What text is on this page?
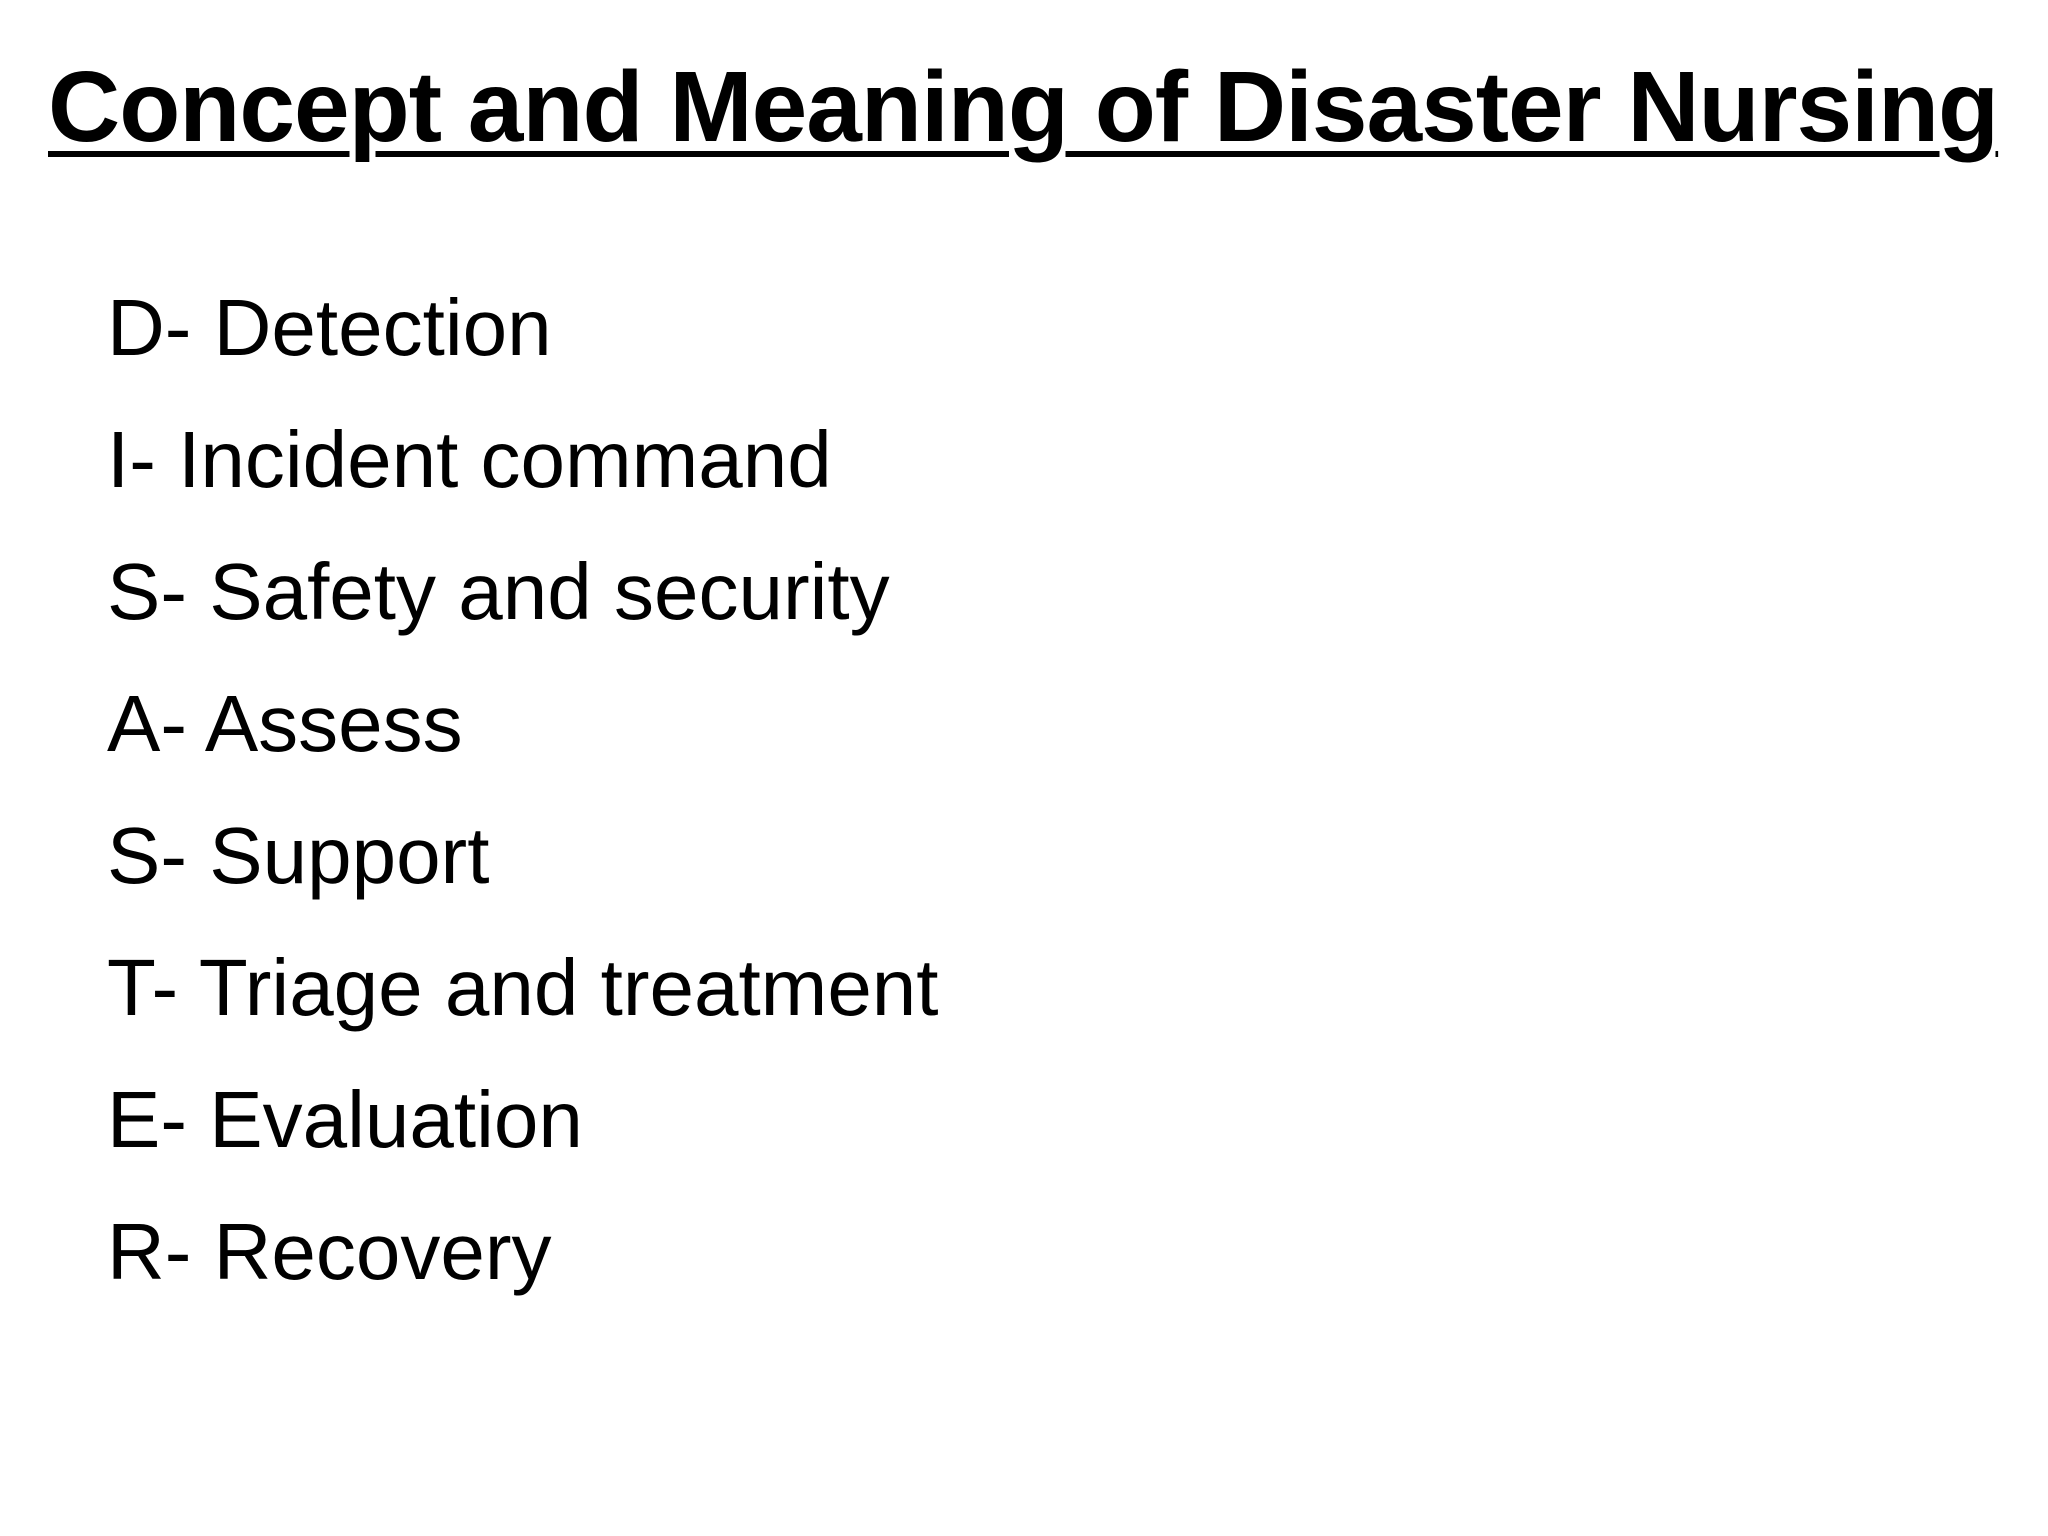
Concept and Meaning of Disaster Nursing
D- Detection
I- Incident command
S- Safety and security
A- Assess
S- Support
T- Triage and treatment
E- Evaluation
R- Recovery
